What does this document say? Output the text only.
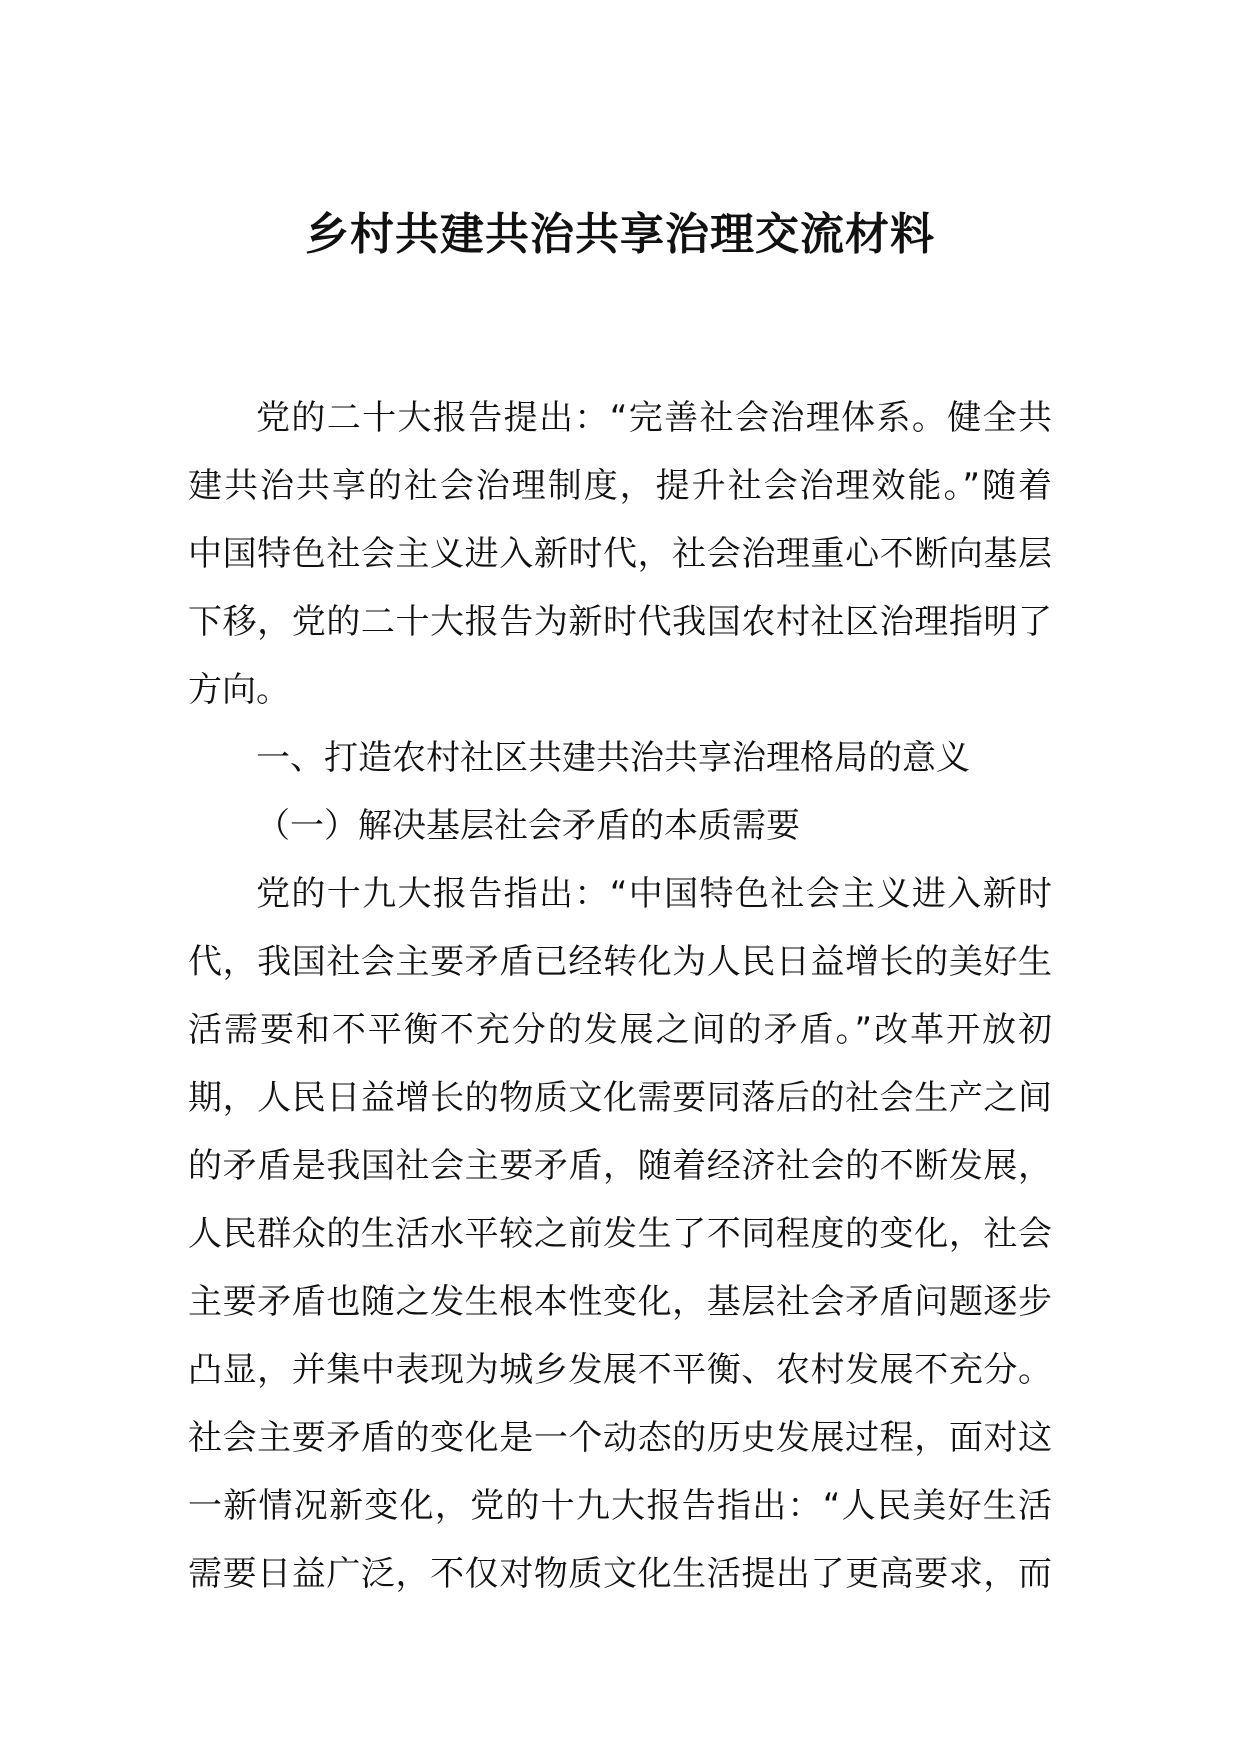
乡村共建共治共享治理交流材料

党的二十大报告提出：“完善社会治理体系。健全共

建共治共享的社会治理制度，提升社会治理效能。”随着

中国特色社会主义进入新时代，社会治理重心不断向基层

下移，党的二十大报告为新时代我国农村社区治理指明了

方向。

一、打造农村社区共建共治共享治理格局的意义

（一）解决基层社会矛盾的本质需要

党的十九大报告指出：“中国特色社会主义进入新时

代，我国社会主要矛盾已经转化为人民日益增长的美好生

活需要和不平衡不充分的发展之间的矛盾。”改革开放初

期，人民日益增长的物质文化需要同落后的社会生产之间

的矛盾是我国社会主要矛盾，随着经济社会的不断发展，

人民群众的生活水平较之前发生了不同程度的变化，社会

主要矛盾也随之发生根本性变化，基层社会矛盾问题逐步

凸显，并集中表现为城乡发展不平衡、农村发展不充分。

社会主要矛盾的变化是一个动态的历史发展过程，面对这

一新情况新变化，党的十九大报告指出：“人民美好生活

需要日益广泛，不仅对物质文化生活提出了更高要求，而
